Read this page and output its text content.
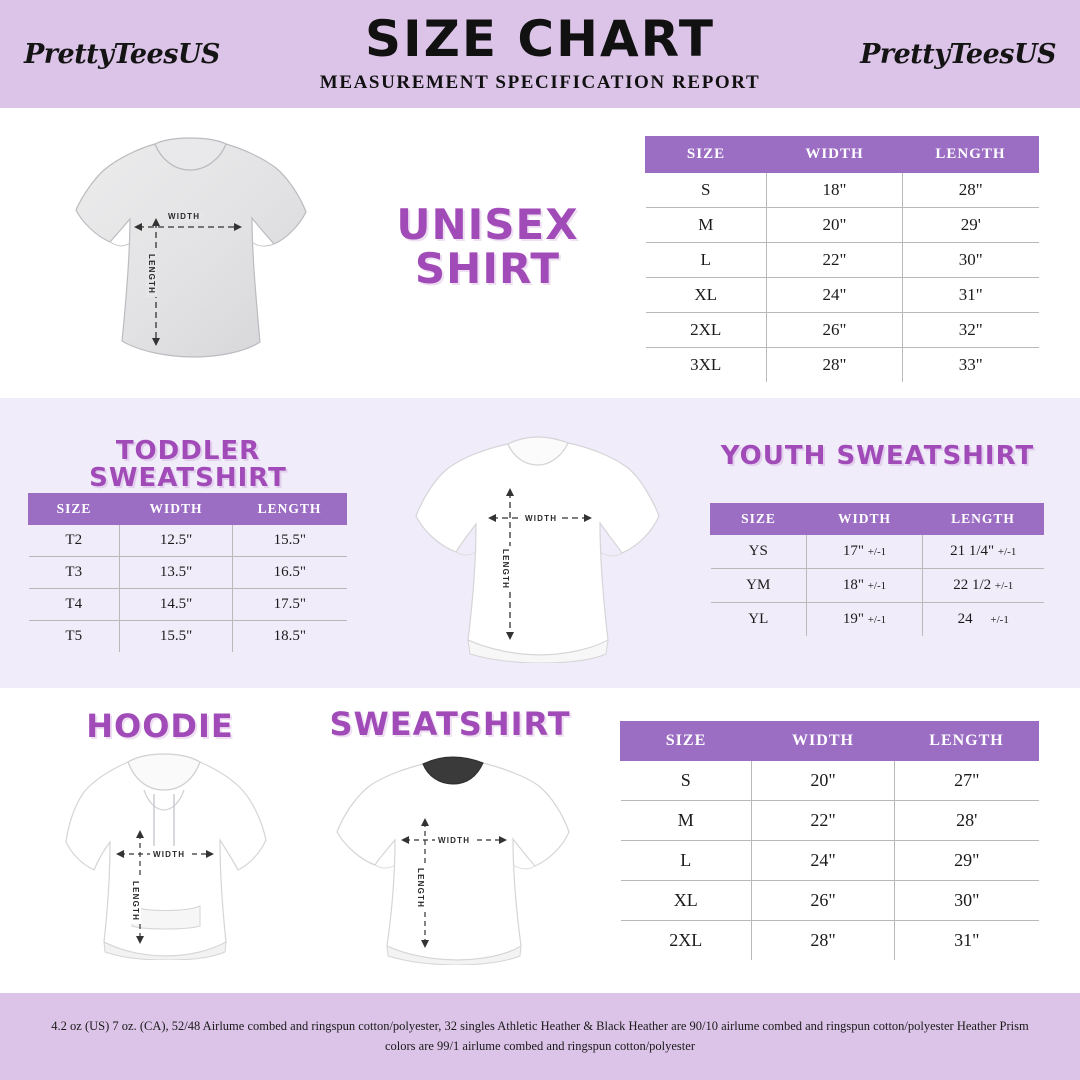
PrettyTeesUS	SIZE CHART
MEASUREMENT SPECIFICATION REPORT
PrettyTeesUS
WIDTH
LENGTH
UNISEX
SHIRT
SIZE	WIDTH	LENGTH
S	18"	28"
M	20"	29'
L	22"	30"
XL	24"	31"
2XL	26"	32"
3XL	28"	33"
TODDLER SWEATSHIRT
SIZE	WIDTH	LENGTH
T2	12.5"	15.5"
T3	13.5"	16.5"
T4	14.5"	17.5"
T5	15.5"	18.5"
WIDTH
LENGTH
YOUTH SWEATSHIRT
SIZE	WIDTH	LENGTH
YS	17" +/-1	21 1/4" +/-1
YM	18" +/-1	22 1/2 +/-1
YL	19" +/-1	24 +/-1
HOODIE
WIDTH
LENGTH
SWEATSHIRT
WIDTH
LENGTH
SIZE	WIDTH	LENGTH
S	20"	27"
M	22"	28'
L	24"	29"
XL	26"	30"
2XL	28"	31"
4.2 oz (US) 7 oz. (CA), 52/48 Airlume combed and ringspun cotton/polyester, 32 singles Athletic Heather & Black Heather are 90/10 airlume combed and ringspun cotton/polyester Heather Prism colors are 99/1 airlume combed and ringspun cotton/polyester
